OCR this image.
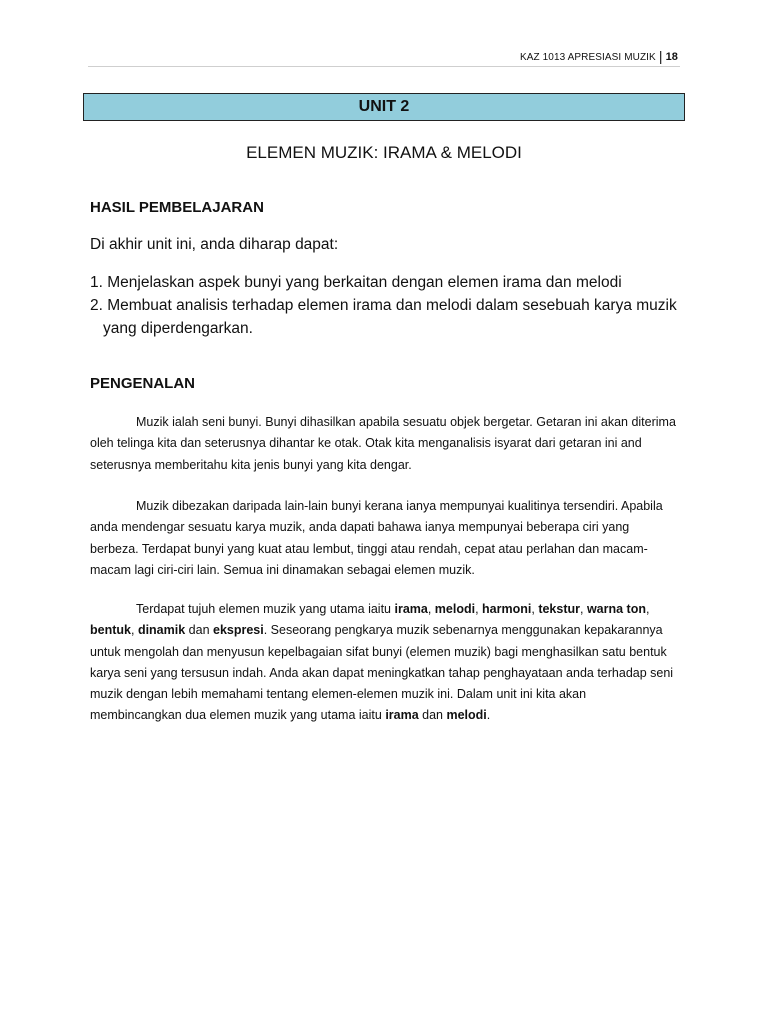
KAZ 1013 APRESIASI MUZIK | 18
UNIT 2
ELEMEN MUZIK: IRAMA & MELODI
HASIL PEMBELAJARAN
Di akhir unit ini, anda diharap dapat:
1. Menjelaskan aspek bunyi yang berkaitan dengan elemen irama dan melodi
2. Membuat analisis terhadap elemen irama dan melodi dalam sesebuah karya muzik yang diperdengarkan.
PENGENALAN

Muzik ialah seni bunyi. Bunyi dihasilkan apabila sesuatu objek bergetar. Getaran ini akan diterima oleh telinga kita dan seterusnya dihantar ke otak. Otak kita menganalisis isyarat dari getaran ini and seterusnya memberitahu kita jenis bunyi yang kita dengar.

Muzik dibezakan daripada lain-lain bunyi kerana ianya mempunyai kualitinya tersendiri. Apabila anda mendengar sesuatu karya muzik, anda dapati bahawa ianya mempunyai beberapa ciri yang berbeza. Terdapat bunyi yang kuat atau lembut, tinggi atau rendah, cepat atau perlahan dan macam-macam lagi ciri-ciri lain. Semua ini dinamakan sebagai elemen muzik.

Terdapat tujuh elemen muzik yang utama iaitu irama, melodi, harmoni, tekstur, warna ton, bentuk, dinamik dan ekspresi. Seseorang pengkarya muzik sebenarnya menggunakan kepakarannya untuk mengolah dan menyusun kepelbagaian sifat bunyi (elemen muzik) bagi menghasilkan satu bentuk karya seni yang tersusun indah. Anda akan dapat meningkatkan tahap penghayataan anda terhadap seni muzik dengan lebih memahami tentang elemen-elemen muzik ini. Dalam unit ini kita akan membincangkan dua elemen muzik yang utama iaitu irama dan melodi.
